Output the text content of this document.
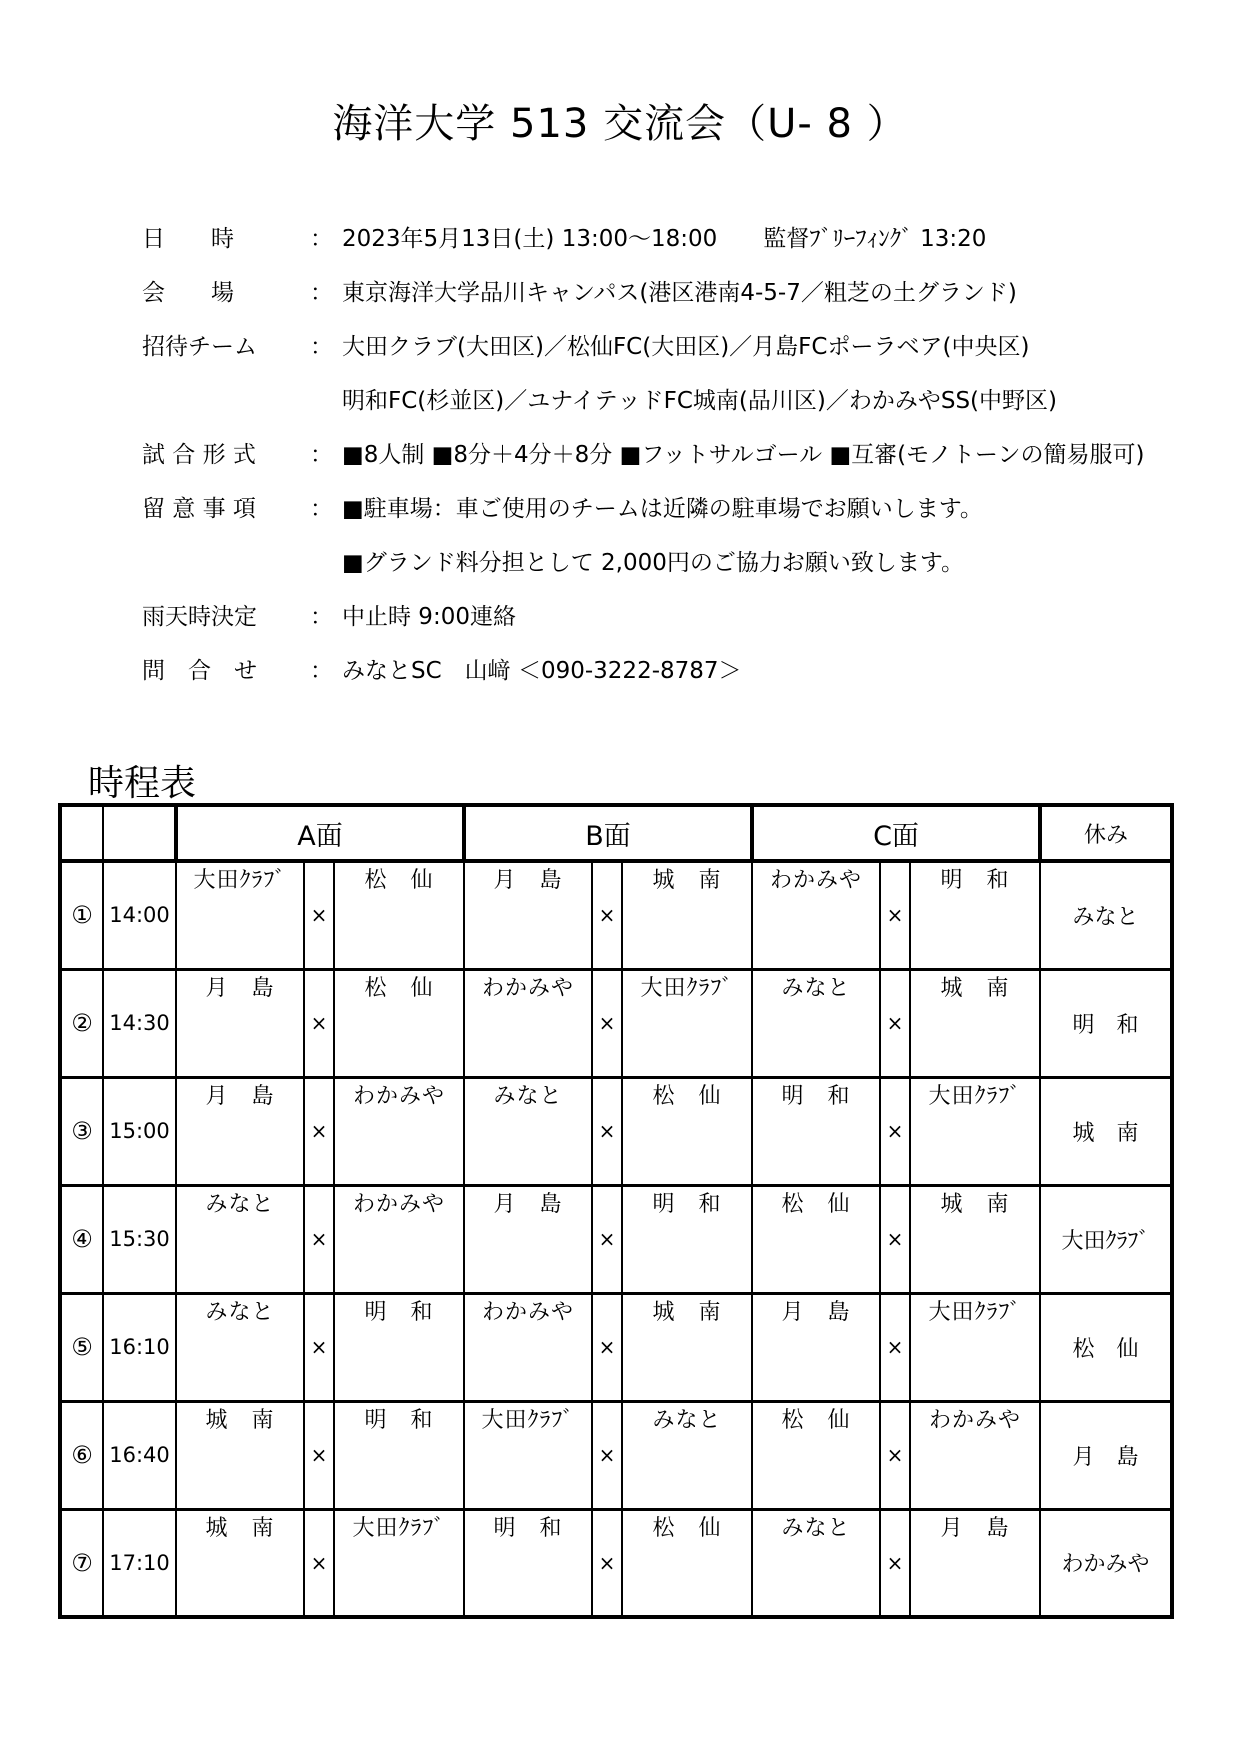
海洋大学 513 交流会（U- 8 ）
日　　時	： 2023年5月13日(土) 13:00〜18:00　　監督ﾌﾞﾘｰﾌｨﾝｸﾞ 13:20
会　　場	： 東京海洋大学品川キャンパス(港区港南4-5-7／粗芝の土グランド)
招待チーム	： 大田クラブ(大田区)／松仙FC(大田区)／月島FCポーラベア(中央区)
明和FC(杉並区)／ユナイテッドFC城南(品川区)／わかみやSS(中野区)
試 合 形 式	： ■8人制 ■8分＋4分＋8分 ■フットサルゴール ■互審(モノトーンの簡易服可)
留 意 事 項	： ■駐車場：車ご使用のチームは近隣の駐車場でお願いします。
■グランド料分担として 2,000円のご協力お願い致します。
雨天時決定	： 中止時 9:00連絡
問　合　せ	： みなとSC　山﨑 ＜090-3222-8787＞
時程表
		A面			B面			C面			休み
①	14:00	大田ｸﾗﾌﾞ	×	松　仙	月　島	×	城　南	わかみや	×	明　和	みなと
②	14:30	月　島	×	松　仙	わかみや	×	大田ｸﾗﾌﾞ	みなと	×	城　南	明　和
③	15:00	月　島	×	わかみや	みなと	×	松　仙	明　和	×	大田ｸﾗﾌﾞ	城　南
④	15:30	みなと	×	わかみや	月　島	×	明　和	松　仙	×	城　南	大田ｸﾗﾌﾞ
⑤	16:10	みなと	×	明　和	わかみや	×	城　南	月　島	×	大田ｸﾗﾌﾞ	松　仙
⑥	16:40	城　南	×	明　和	大田ｸﾗﾌﾞ	×	みなと	松　仙	×	わかみや	月　島
⑦	17:10	城　南	×	大田ｸﾗﾌﾞ	明　和	×	松　仙	みなと	×	月　島	わかみや
